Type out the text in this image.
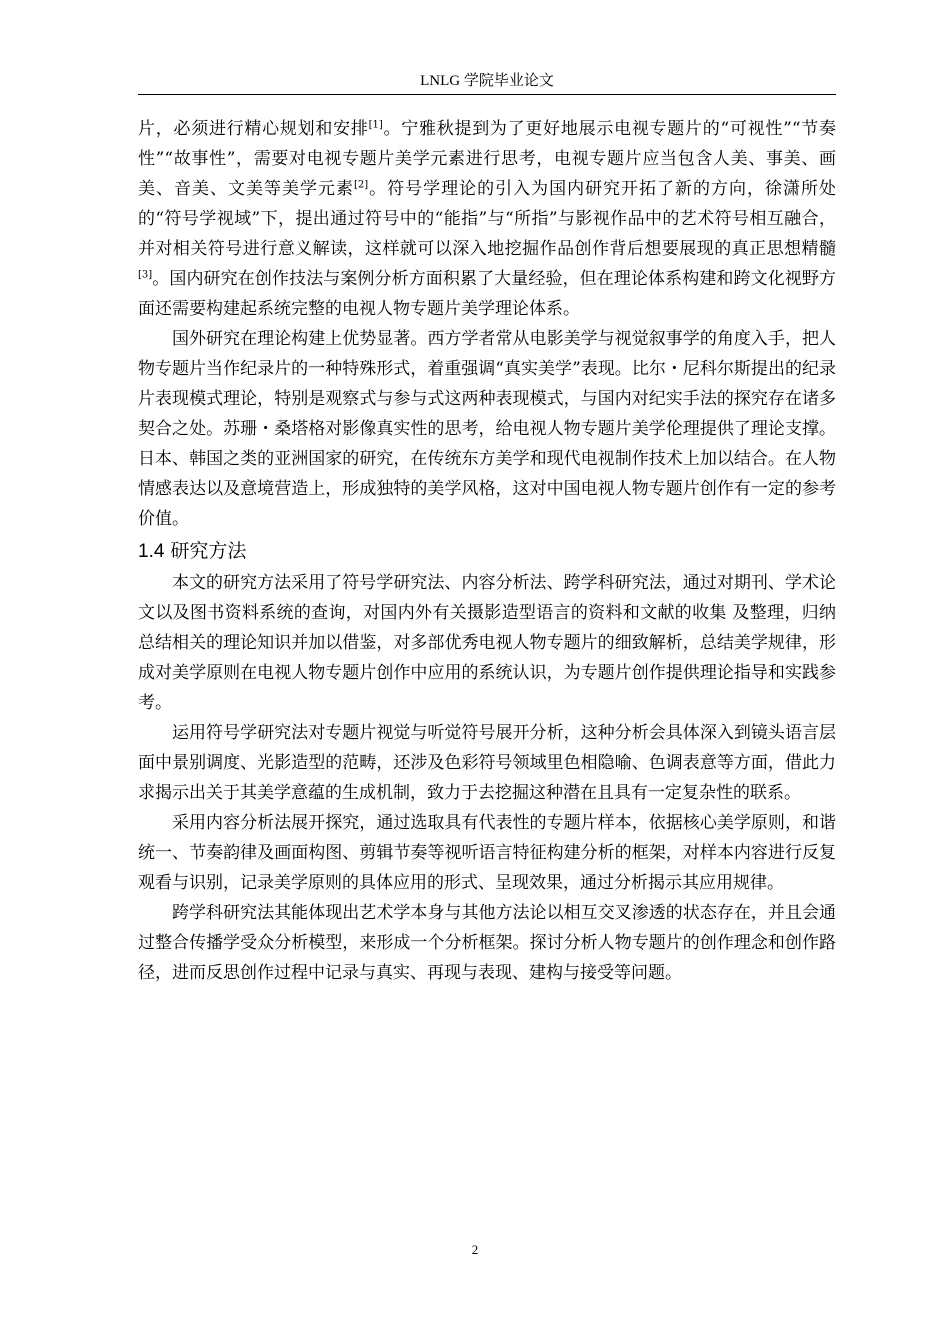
LNLG 学院毕业论文

片，必须进行精心规划和安排[1]。宁雅秋提到为了更好地展示电视专题片的“可视性”“节奏性”“故事性”，需要对电视专题片美学元素进行思考，电视专题片应当包含人美、事美、画美、音美、文美等美学元素[2]。符号学理论的引入为国内研究开拓了新的方向，徐潇所处的“符号学视域”下，提出通过符号中的“能指”与“所指”与影视作品中的艺术符号相互融合，并对相关符号进行意义解读，这样就可以深入地挖掘作品创作背后想要展现的真正思想精髓[3]。国内研究在创作技法与案例分析方面积累了大量经验，但在理论体系构建和跨文化视野方面还需要构建起系统完整的电视人物专题片美学理论体系。

国外研究在理论构建上优势显著。西方学者常从电影美学与视觉叙事学的角度入手，把人物专题片当作纪录片的一种特殊形式，着重强调“真实美学”表现。比尔・尼科尔斯提出的纪录片表现模式理论，特别是观察式与参与式这两种表现模式，与国内对纪实手法的探究存在诸多契合之处。苏珊・桑塔格对影像真实性的思考，给电视人物专题片美学伦理提供了理论支撑。日本、韩国之类的亚洲国家的研究，在传统东方美学和现代电视制作技术上加以结合。在人物情感表达以及意境营造上，形成独特的美学风格，这对中国电视人物专题片创作有一定的参考价值。

1.4 研究方法

本文的研究方法采用了符号学研究法、内容分析法、跨学科研究法，通过对期刊、学术论文以及图书资料系统的查询，对国内外有关摄影造型语言的资料和文献的收集 及整理，归纳总结相关的理论知识并加以借鉴，对多部优秀电视人物专题片的细致解析，总结美学规律，形成对美学原则在电视人物专题片创作中应用的系统认识，为专题片创作提供理论指导和实践参考。

运用符号学研究法对专题片视觉与听觉符号展开分析，这种分析会具体深入到镜头语言层面中景别调度、光影造型的范畴，还涉及色彩符号领域里色相隐喻、色调表意等方面，借此力求揭示出关于其美学意蕴的生成机制，致力于去挖掘这种潜在且具有一定复杂性的联系。

采用内容分析法展开探究，通过选取具有代表性的专题片样本，依据核心美学原则，和谐统一、节奏韵律及画面构图、剪辑节奏等视听语言特征构建分析的框架，对样本内容进行反复观看与识别，记录美学原则的具体应用的形式、呈现效果，通过分析揭示其应用规律。

跨学科研究法其能体现出艺术学本身与其他方法论以相互交叉渗透的状态存在，并且会通过整合传播学受众分析模型，来形成一个分析框架。探讨分析人物专题片的创作理念和创作路径，进而反思创作过程中记录与真实、再现与表现、建构与接受等问题。

2
